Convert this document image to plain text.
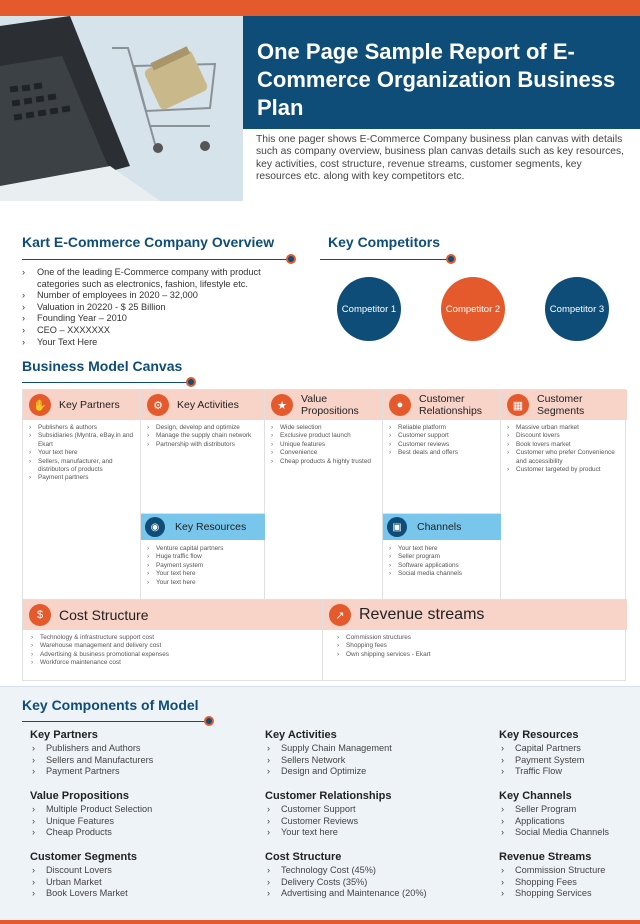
One Page Sample Report of E-Commerce Organization Business Plan

This one pager shows E-Commerce Company business plan canvas with details such as company overview, business plan canvas details such as key resources, key activities, cost structure, revenue streams, customer segments, key resources etc. along with key competitors etc.

Kart E-Commerce Company Overview
› One of the leading E-Commerce company with product categories such as electronics, fashion, lifestyle etc.
› Number of employees in 2020 – 32,000
› Valuation in 20220 - $ 25 Billion
› Founding Year – 2010
› CEO – XXXXXXX
› Your Text Here
Key Competitors
Competitor 1	Competitor 2	Competitor 3
Business Model Canvas
✋	Key Partners
› Publishers & authors
› Subsidiaries (Myntra, eBay.in and Ekart
› Your text here
› Sellers, manufacturer, and distributors of products
› Payment partners
⚙	Key Activities
› Design, develop and optimize
› Manage the supply chain network
› Partnership with distributors
★
Value Propositions
› Wide selection
› Exclusive product launch
› Unique features
› Convenience
› Cheap products & highly trusted
●	Customer Relationships
› Reliable platform
› Customer support
› Customer reviews
› Best deals and offers
▦
Customer Segments
› Massive urban market
› Discount lovers
› Book lovers market
› Customer who prefer Convenience and accessibility
› Customer targeted by product
◉	Key Resources
› Venture capital partners
› Huge traffic flow
› Payment system
› Your text here
› Your text here
▣	Channels
› Your text here
› Seller program
› Software applications
› Social media channels
$	Cost Structure
› Technology & infrastructure support cost
› Warehouse management and delivery cost
› Advertising & business promotional expenses
› Workforce maintenance cost
↗ Revenue streams
› Commission structures
› Shopping fees
› Own shipping services - Ekart
Key Components of Model
Key Partners
› Publishers and Authors
› Sellers and Manufacturers
› Payment Partners
Key Activities
› Supply Chain Management
› Sellers Network
› Design and Optimize
Key Resources
› Capital Partners
› Payment System
› Traffic Flow
Value Propositions
› Multiple Product Selection
› Unique Features
› Cheap Products
Customer Relationships
› Customer Support
› Customer Reviews
› Your text here
Key Channels
› Seller Program
› Applications
› Social Media Channels
Customer Segments
› Discount Lovers
› Urban Market
› Book Lovers Market
Cost Structure
› Technology Cost (45%)
› Delivery Costs (35%)
› Advertising and Maintenance (20%)
Revenue Streams
› Commission Structure
› Shopping Fees
› Shopping Services
